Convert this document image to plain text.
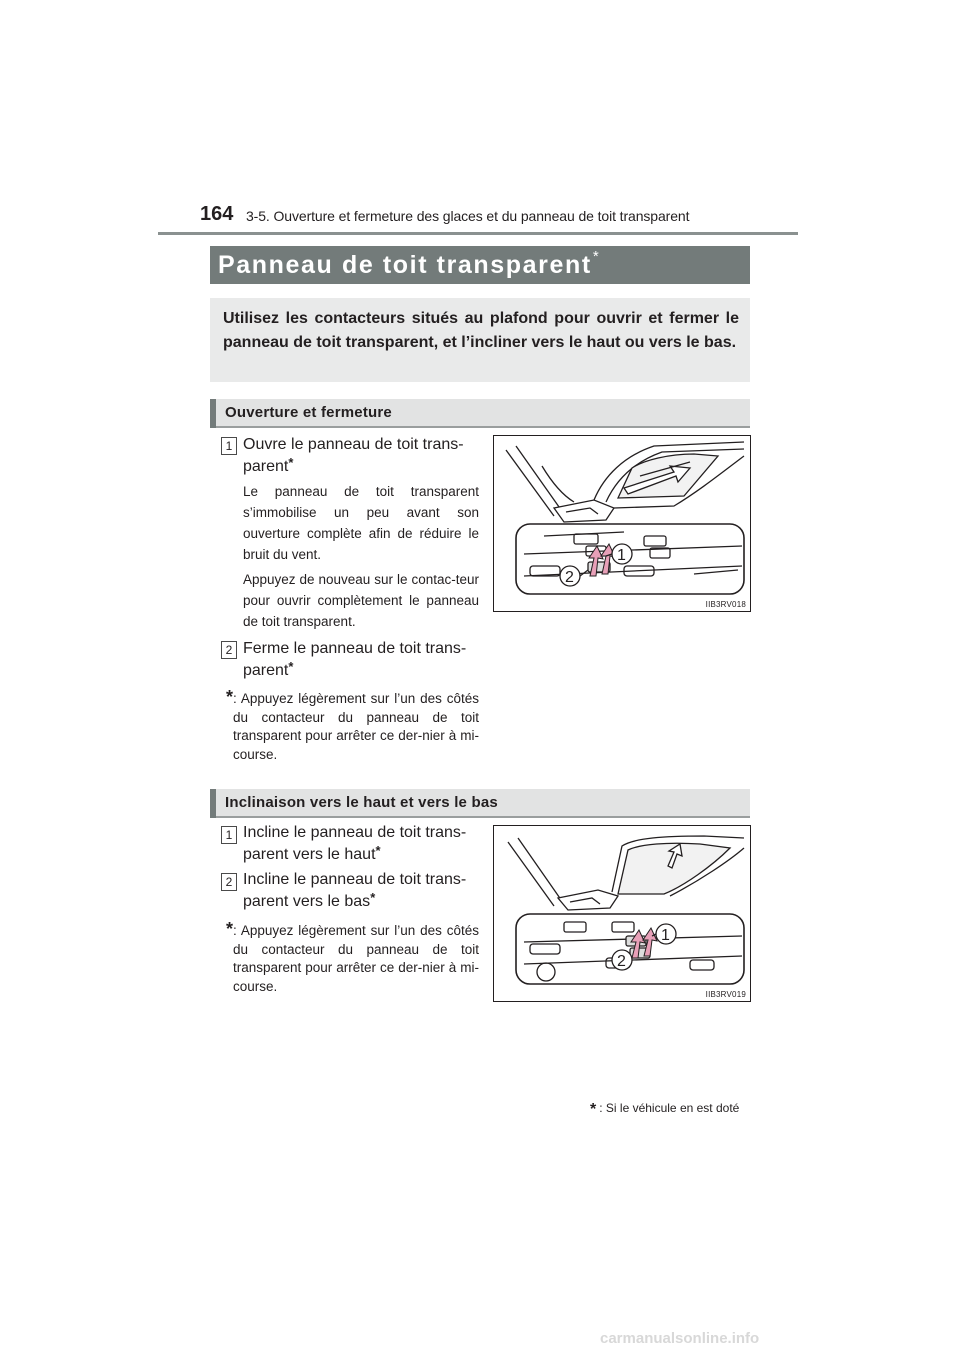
164 3-5. Ouverture et fermeture des glaces et du panneau de toit transparent
Panneau de toit transparent*
Utilisez les contacteurs situés au plafond pour ouvrir et fermer le panneau de toit transparent, et l’incliner vers le haut ou vers le bas.
Ouverture et fermeture
1 Ouvre le panneau de toit trans-
parent*
Le panneau de toit transparent s’immobilise un peu avant son ouverture complète afin de réduire le bruit du vent.
Appuyez de nouveau sur le contac-teur pour ouvrir complètement le panneau de toit transparent.
2 Ferme le panneau de toit trans-
parent*
* : Appuyez légèrement sur l’un des côtés du contacteur du panneau de toit transparent pour arrêter ce der-nier à mi-course.
1
2
IIB3RV018
Inclinaison vers le haut et vers le bas
1 Incline le panneau de toit trans-
parent vers le haut*
2 Incline le panneau de toit trans-
parent vers le bas*
* : Appuyez légèrement sur l’un des côtés du contacteur du panneau de toit transparent pour arrêter ce der-nier à mi-course.
1
2
IIB3RV019
* : Si le véhicule en est doté
carmanualsonline.info
